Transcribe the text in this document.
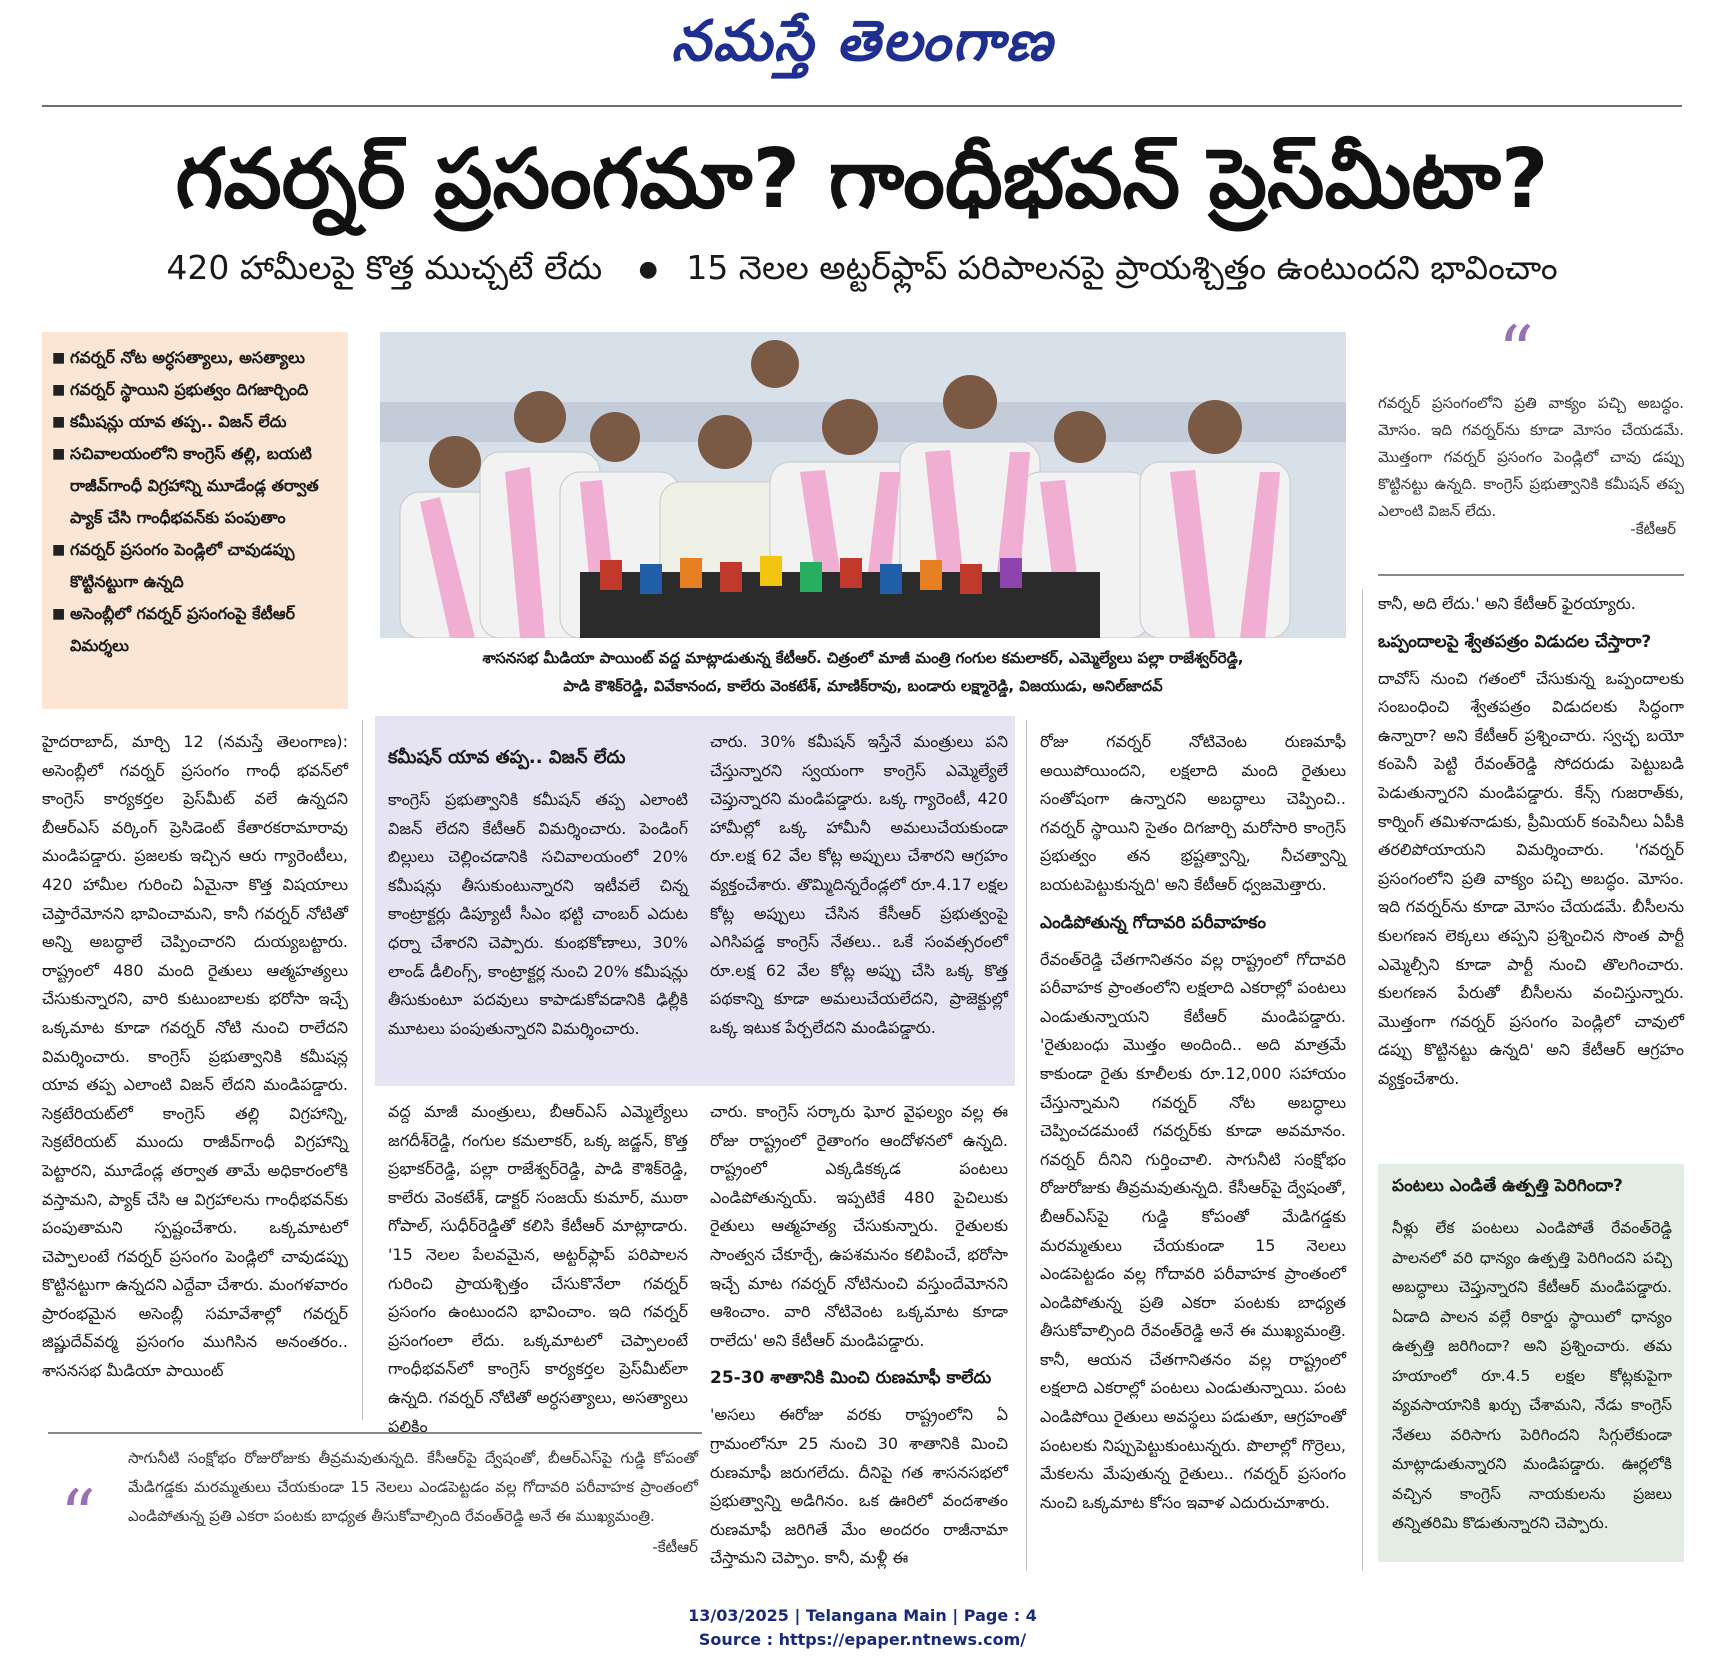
నమస్తే తెలంగాణ
గవర్నర్ ప్రసంగమా? గాంధీభవన్ ప్రెస్‌మీటా?
420 హామీలపై కొత్త ముచ్చటే లేదు ● 15 నెలల అట్టర్‌ఫ్లాప్ పరిపాలనపై ప్రాయశ్చిత్తం ఉంటుందని భావించాం
■ గవర్నర్ నోట అర్ధసత్యాలు, అసత్యాలు
■ గవర్నర్ స్థాయిని ప్రభుత్వం దిగజార్చింది
■ కమీషన్లు యావ తప్ప.. విజన్ లేదు
■ సచివాలయంలోని కాంగ్రెస్ తల్లి, బయటి రాజీవ్‌గాంధీ విగ్రహాన్ని మూడేండ్ల తర్వాత ప్యాక్ చేసి గాంధీభవన్‌కు పంపుతాం
■ గవర్నర్ ప్రసంగం పెండ్లిలో చావుడప్పు కొట్టినట్టుగా ఉన్నది
■ అసెంబ్లీలో గవర్నర్ ప్రసంగంపై కేటీఆర్ విమర్శలు
శాసనసభ మీడియా పాయింట్ వద్ద మాట్లాడుతున్న కేటీఆర్. చిత్రంలో మాజీ మంత్రి గంగుల కమలాకర్, ఎమ్మెల్యేలు పల్లా రాజేశ్వర్‌రెడ్డి,
పాడి కౌశిక్‌రెడ్డి, వివేకానంద, కాలేరు వెంకటేశ్, మాణిక్‌రావు, బండారు లక్ష్మారెడ్డి, విజయుడు, అనిల్‌జాదవ్
“
గవర్నర్ ప్రసంగంలోని ప్రతి వాక్యం పచ్చి అబద్ధం. మోసం. ఇది గవర్నర్‌ను కూడా మోసం చేయడమే. మొత్తంగా గవర్నర్ ప్రసంగం పెండ్లిలో చావు డప్పు కొట్టినట్టు ఉన్నది. కాంగ్రెస్ ప్రభుత్వానికి కమీషన్ తప్ప ఎలాంటి విజన్ లేదు.
-కేటీఆర్

హైదరాబాద్, మార్చి 12 (నమస్తే తెలంగాణ): అసెంబ్లీలో గవర్నర్ ప్రసంగం గాంధీ భవన్‌లో కాంగ్రెస్ కార్యకర్తల ప్రెస్‌మీట్ వలే ఉన్నదని బీఆర్‌ఎస్ వర్కింగ్ ప్రెసిడెంట్ కేతారకరామారావు మండిపడ్డారు. ప్రజలకు ఇచ్చిన ఆరు గ్యారెంటీలు, 420 హామీల గురించి ఏమైనా కొత్త విషయాలు చెప్తారేమోనని భావించామని, కానీ గవర్నర్ నోటితో అన్ని అబద్ధాలే చెప్పించారని దుయ్యబట్టారు. రాష్ట్రంలో 480 మంది రైతులు ఆత్మహత్యలు చేసుకున్నారని, వారి కుటుంబాలకు భరోసా ఇచ్చే ఒక్కమాట కూడా గవర్నర్ నోటి నుంచి రాలేదని విమర్శించారు. కాంగ్రెస్ ప్రభుత్వానికి కమీషన్ల యావ తప్ప ఎలాంటి విజన్ లేదని మండిపడ్డారు. సెక్రటేరియట్‌లో కాంగ్రెస్ తల్లి విగ్రహాన్ని, సెక్రటేరియట్ ముందు రాజీవ్‌గాంధీ విగ్రహాన్ని పెట్టారని, మూడేండ్ల తర్వాత తామే అధికారంలోకి వస్తామని, ప్యాక్ చేసి ఆ విగ్రహాలను గాంధీభవన్‌కు పంపుతామని స్పష్టంచేశారు. ఒక్కమాటలో చెప్పాలంటే గవర్నర్ ప్రసంగం పెండ్లిలో చావుడప్పు కొట్టినట్టుగా ఉన్నదని ఎద్దేవా చేశారు. మంగళవారం ప్రారంభమైన అసెంబ్లీ సమావేశాల్లో గవర్నర్ జిష్ణుదేవ్‌వర్మ ప్రసంగం ముగిసిన అనంతరం.. శాసనసభ మీడియా పాయింట్

కమీషన్ యావ తప్ప.. విజన్ లేదు

కాంగ్రెస్ ప్రభుత్వానికి కమీషన్ తప్ప ఎలాంటి విజన్ లేదని కేటీఆర్ విమర్శించారు. పెండింగ్ బిల్లులు చెల్లించడానికి సచివాలయంలో 20% కమీషన్లు తీసుకుంటున్నారని ఇటీవలే చిన్న కాంట్రాక్టర్లు డిప్యూటీ సీఎం భట్టి చాంబర్ ఎదుట ధర్నా చేశారని చెప్పారు. కుంభకోణాలు, 30% లాండ్ డీలింగ్స్, కాంట్రాక్టర్ల నుంచి 20% కమీషన్లు తీసుకుంటూ పదవులు కాపాడుకోవడానికి ఢిల్లీకి మూటలు పంపుతున్నారని విమర్శించారు.

చారు. 30% కమీషన్ ఇస్తేనే మంత్రులు పని చేస్తున్నారని స్వయంగా కాంగ్రెస్ ఎమ్మెల్యేలే చెప్తున్నారని మండిపడ్డారు. ఒక్క గ్యారెంటీ, 420 హామీల్లో ఒక్క హామీనీ అమలుచేయకుండా రూ.లక్ష 62 వేల కోట్ల అప్పులు చేశారని ఆగ్రహం వ్యక్తంచేశారు. తొమ్మిదిన్నరేండ్లలో రూ.4.17 లక్షల కోట్ల అప్పులు చేసిన కేసీఆర్ ప్రభుత్వంపై ఎగిసిపడ్డ కాంగ్రెస్ నేతలు.. ఒకే సంవత్సరంలో రూ.లక్ష 62 వేల కోట్ల అప్పు చేసి ఒక్క కొత్త పథకాన్ని కూడా అమలుచేయలేదని, ప్రాజెక్టుల్లో ఒక్క ఇటుక పేర్చలేదని మండిపడ్డారు.

వద్ద మాజీ మంత్రులు, బీఆర్‌ఎస్ ఎమ్మెల్యేలు జగదీశ్‌రెడ్డి, గంగుల కమలాకర్, ఒక్క జడ్జన్, కొత్త ప్రభాకర్‌రెడ్డి, పల్లా రాజేశ్వర్‌రెడ్డి, పాడి కౌశిక్‌రెడ్డి, కాలేరు వెంకటేశ్, డాక్టర్ సంజయ్ కుమార్, ముఠా గోపాల్, సుధీర్‌రెడ్డితో కలిసి కేటీఆర్ మాట్లాడారు. '15 నెలల పేలవమైన, అట్టర్‌ఫ్లాప్ పరిపాలన గురించి ప్రాయశ్చిత్తం చేసుకొనేలా గవర్నర్ ప్రసంగం ఉంటుందని భావించాం. ఇది గవర్నర్ ప్రసంగంలా లేదు. ఒక్కమాటలో చెప్పాలంటే గాంధీభవన్‌లో కాంగ్రెస్ కార్యకర్తల ప్రెస్‌మీట్‌లా ఉన్నది. గవర్నర్ నోటితో అర్ధసత్యాలు, అసత్యాలు పలికిం

చారు. కాంగ్రెస్ సర్కారు ఘోర వైఫల్యం వల్ల ఈ రోజు రాష్ట్రంలో రైతాంగం ఆందోళనలో ఉన్నది. రాష్ట్రంలో ఎక్కడికక్కడ పంటలు ఎండిపోతున్నయ్. ఇప్పటికే 480 పైచిలుకు రైతులు ఆత్మహత్య చేసుకున్నారు. రైతులకు సాంత్వన చేకూర్చే, ఉపశమనం కలిపించే, భరోసా ఇచ్చే మాట గవర్నర్ నోటినుంచి వస్తుందేమోనని ఆశించాం. వారి నోటివెంట ఒక్కమాట కూడా రాలేదు' అని కేటీఆర్ మండిపడ్డారు.

25-30 శాతానికి మించి రుణమాఫీ కాలేదు

'అసలు ఈరోజు వరకు రాష్ట్రంలోని ఏ గ్రామంలోనూ 25 నుంచి 30 శాతానికి మించి రుణమాఫీ జరుగలేదు. దీనిపై గత శాసనసభలో ప్రభుత్వాన్ని అడిగినం. ఒక ఊరిలో వందశాతం రుణమాఫీ జరిగితే మేం అందరం రాజీనామా చేస్తామని చెప్పాం. కానీ, మళ్లీ ఈ

రోజు గవర్నర్ నోటివెంట రుణమాఫీ అయిపోయిందని, లక్షలాది మంది రైతులు సంతోషంగా ఉన్నారని అబద్ధాలు చెప్పించి.. గవర్నర్ స్థాయిని సైతం దిగజార్చి మరోసారి కాంగ్రెస్ ప్రభుత్వం తన భ్రష్టత్వాన్ని, నీచత్వాన్ని బయటపెట్టుకున్నది' అని కేటీఆర్ ధ్వజమెత్తారు.

ఎండిపోతున్న గోదావరి పరీవాహకం

రేవంత్‌రెడ్డి చేతగానితనం వల్ల రాష్ట్రంలో గోదావరి పరీవాహక ప్రాంతంలోని లక్షలాది ఎకరాల్లో పంటలు ఎండుతున్నాయని కేటీఆర్ మండిపడ్డారు. 'రైతుబంధు మొత్తం అందింది.. అది మాత్రమే కాకుండా రైతు కూలీలకు రూ.12,000 సహాయం చేస్తున్నామని గవర్నర్ నోట అబద్ధాలు చెప్పించడమంటే గవర్నర్‌కు కూడా అవమానం. గవర్నర్ దీనిని గుర్తించాలి. సాగునీటి సంక్షోభం రోజురోజుకు తీవ్రమవుతున్నది. కేసీఆర్‌పై ద్వేషంతో, బీఆర్‌ఎస్‌పై గుడ్డి కోపంతో మేడిగడ్డకు మరమ్మతులు చేయకుండా 15 నెలలు ఎండపెట్టడం వల్ల గోదావరి పరీవాహక ప్రాంతంలో ఎండిపోతున్న ప్రతి ఎకరా పంటకు బాధ్యత తీసుకోవాల్సింది రేవంత్‌రెడ్డి అనే ఈ ముఖ్యమంత్రి. కానీ, ఆయన చేతగానితనం వల్ల రాష్ట్రంలో లక్షలాది ఎకరాల్లో పంటలు ఎండుతున్నాయి. పంట ఎండిపోయి రైతులు అవస్థలు పడుతూ, ఆగ్రహంతో పంటలకు నిప్పుపెట్టుకుంటున్నరు. పొలాల్లో గొర్రెలు, మేకలను మేపుతున్న రైతులు.. గవర్నర్ ప్రసంగం నుంచి ఒక్కమాట కోసం ఇవాళ ఎదురుచూశారు.

కానీ, అది లేదు.' అని కేటీఆర్ ఫైరయ్యారు.

ఒప్పందాలపై శ్వేతపత్రం విడుదల చేస్తారా?

దావోస్ నుంచి గతంలో చేసుకున్న ఒప్పందాలకు సంబంధించి శ్వేతపత్రం విడుదలకు సిద్ధంగా ఉన్నారా? అని కేటీఆర్ ప్రశ్నించారు. స్వచ్ఛ బయో కంపెనీ పెట్టి రేవంత్‌రెడ్డి సోదరుడు పెట్టుబడి పెడుతున్నారని మండిపడ్డారు. కేన్స్ గుజరాత్‌కు, కార్నింగ్ తమిళనాడుకు, ప్రీమియర్ కంపెనీలు ఏపీకి తరలిపోయాయని విమర్శించారు. 'గవర్నర్ ప్రసంగంలోని ప్రతి వాక్యం పచ్చి అబద్ధం. మోసం. ఇది గవర్నర్‌ను కూడా మోసం చేయడమే. బీసీలను కులగణన లెక్కలు తప్పని ప్రశ్నించిన సొంత పార్టీ ఎమ్మెల్సీని కూడా పార్టీ నుంచి తొలగించారు. కులగణన పేరుతో బీసీలను వంచిస్తున్నారు. మొత్తంగా గవర్నర్ ప్రసంగం పెండ్లిలో చావులో డప్పు కొట్టినట్టు ఉన్నది' అని కేటీఆర్ ఆగ్రహం వ్యక్తంచేశారు.

పంటలు ఎండితే ఉత్పత్తి పెరిగిందా?

నీళ్లు లేక పంటలు ఎండిపోతే రేవంత్‌రెడ్డి పాలనలో వరి ధాన్యం ఉత్పత్తి పెరిగిందని పచ్చి అబద్ధాలు చెప్తున్నారని కేటీఆర్ మండిపడ్డారు. ఏడాది పాలన వల్లే రికార్డు స్థాయిలో ధాన్యం ఉత్పత్తి జరిగిందా? అని ప్రశ్నించారు. తమ హయాంలో రూ.4.5 లక్షల కోట్లకుపైగా వ్యవసాయానికి ఖర్చు చేశామని, నేడు కాంగ్రెస్ నేతలు వరిసాగు పెరిగిందని సిగ్గులేకుండా మాట్లాడుతున్నారని మండిపడ్డారు. ఊర్లలోకి వచ్చిన కాంగ్రెస్ నాయకులను ప్రజలు తన్నితరిమి కొడుతున్నారని చెప్పారు.

“
సాగునీటి సంక్షోభం రోజురోజుకు తీవ్రమవుతున్నది. కేసీఆర్‌పై ద్వేషంతో, బీఆర్‌ఎస్‌పై గుడ్డి కోపంతో మేడిగడ్డకు మరమ్మతులు చేయకుండా 15 నెలలు ఎండపెట్టడం వల్ల గోదావరి పరీవాహక ప్రాంతంలో ఎండిపోతున్న ప్రతి ఎకరా పంటకు బాధ్యత తీసుకోవాల్సింది రేవంత్‌రెడ్డి అనే ఈ ముఖ్యమంత్రి.
-కేటీఆర్
13/03/2025 | Telangana Main | Page : 4
Source : https://epaper.ntnews.com/
